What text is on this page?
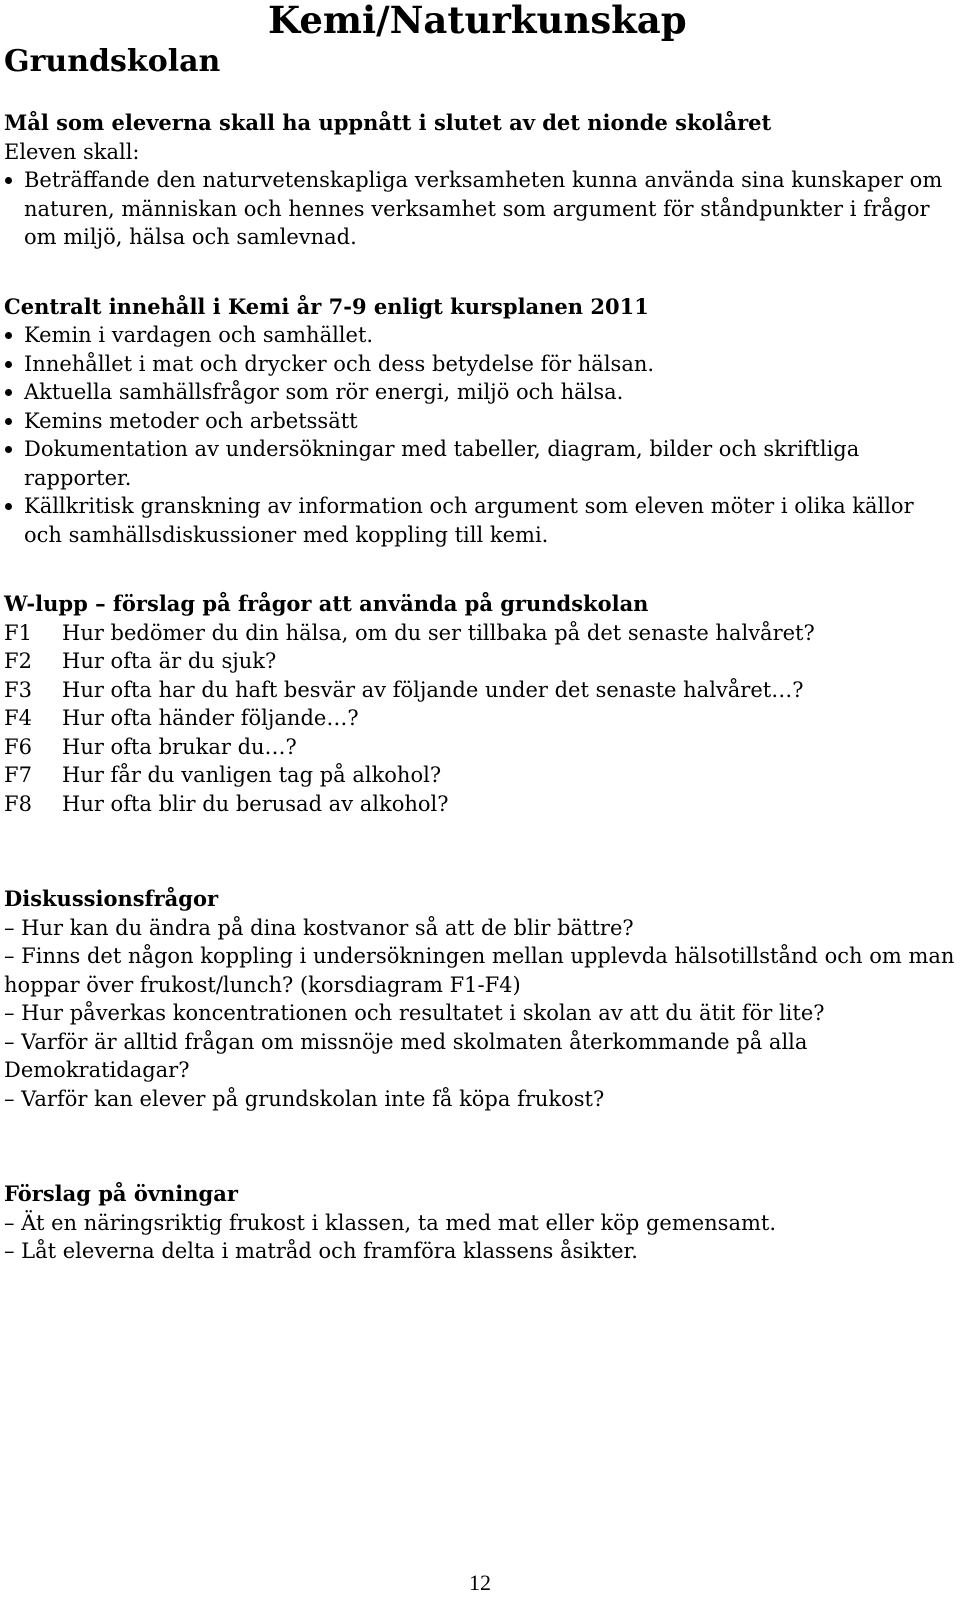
Grundskolan
Kemi/Naturkunskap
Mål som eleverna skall ha uppnått i slutet av det nionde skolåret
Eleven skall:
Beträffande den naturvetenskapliga verksamheten kunna använda sina kunskaper om naturen, människan och hennes verksamhet som argument för ståndpunkter i frågor om miljö, hälsa och samlevnad.
Centralt innehåll i Kemi år 7-9 enligt kursplanen 2011
Kemin i vardagen och samhället.
Innehållet i mat och drycker och dess betydelse för hälsan.
Aktuella samhällsfrågor som rör energi, miljö och hälsa.
Kemins metoder och arbetssätt
Dokumentation av undersökningar med tabeller, diagram, bilder och skriftliga rapporter.
Källkritisk granskning av information och argument som eleven möter i olika källor och samhällsdiskussioner med koppling till kemi.
W-lupp – förslag på frågor att använda på grundskolan
F1	Hur bedömer du din hälsa, om du ser tillbaka på det senaste halvåret?
F2	Hur ofta är du sjuk?
F3	Hur ofta har du haft besvär av följande under det senaste halvåret…?
F4	Hur ofta händer följande…?
F6	Hur ofta brukar du…?
F7	Hur får du vanligen tag på alkohol?
F8	Hur ofta blir du berusad av alkohol?
Diskussionsfrågor
– Hur kan du ändra på dina kostvanor så att de blir bättre?
– Finns det någon koppling i undersökningen mellan upplevda hälsotillstånd och om man hoppar över frukost/lunch? (korsdiagram F1-F4)
– Hur påverkas koncentrationen och resultatet i skolan av att du ätit för lite?
– Varför är alltid frågan om missnöje med skolmaten återkommande på alla Demokratidagar?
– Varför kan elever på grundskolan inte få köpa frukost?
Förslag på övningar
– Ät en näringsriktig frukost i klassen, ta med mat eller köp gemensamt.
– Låt eleverna delta i matråd och framföra klassens åsikter.
12
